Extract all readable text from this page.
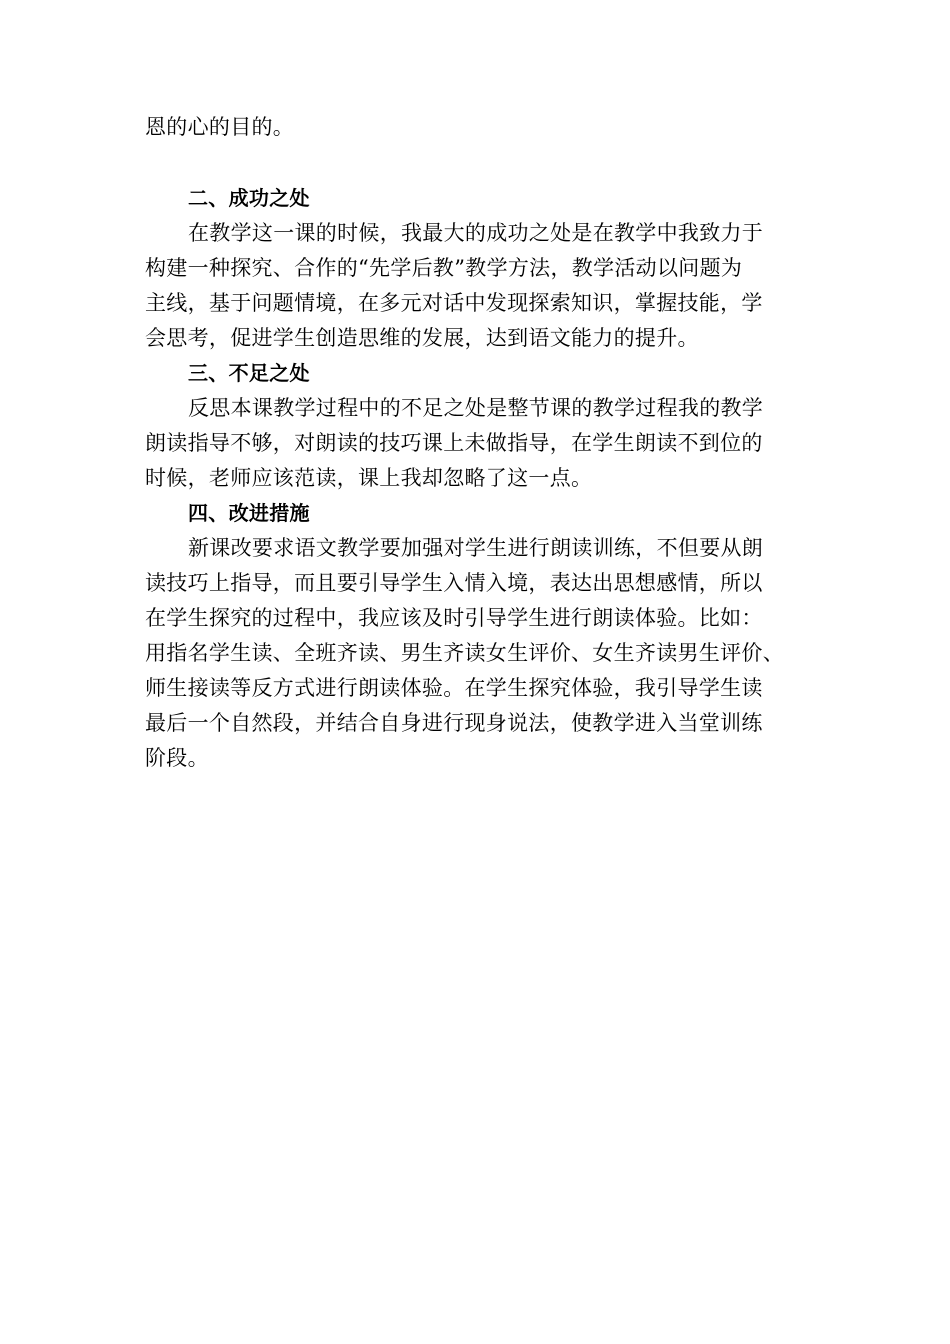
恩的心的目的。
二、成功之处
在教学这一课的时候，我最大的成功之处是在教学中我致力于
构建一种探究、合作的“先学后教”教学方法，教学活动以问题为
主线，基于问题情境，在多元对话中发现探索知识，掌握技能，学
会思考，促进学生创造思维的发展，达到语文能力的提升。
三、不足之处
反思本课教学过程中的不足之处是整节课的教学过程我的教学
朗读指导不够，对朗读的技巧课上未做指导，在学生朗读不到位的
时候，老师应该范读，课上我却忽略了这一点。
四、改进措施
新课改要求语文教学要加强对学生进行朗读训练，不但要从朗
读技巧上指导，而且要引导学生入情入境，表达出思想感情，所以
在学生探究的过程中，我应该及时引导学生进行朗读体验。比如：
用指名学生读、全班齐读、男生齐读女生评价、女生齐读男生评价、
师生接读等反方式进行朗读体验。在学生探究体验，我引导学生读
最后一个自然段，并结合自身进行现身说法，使教学进入当堂训练
阶段。
